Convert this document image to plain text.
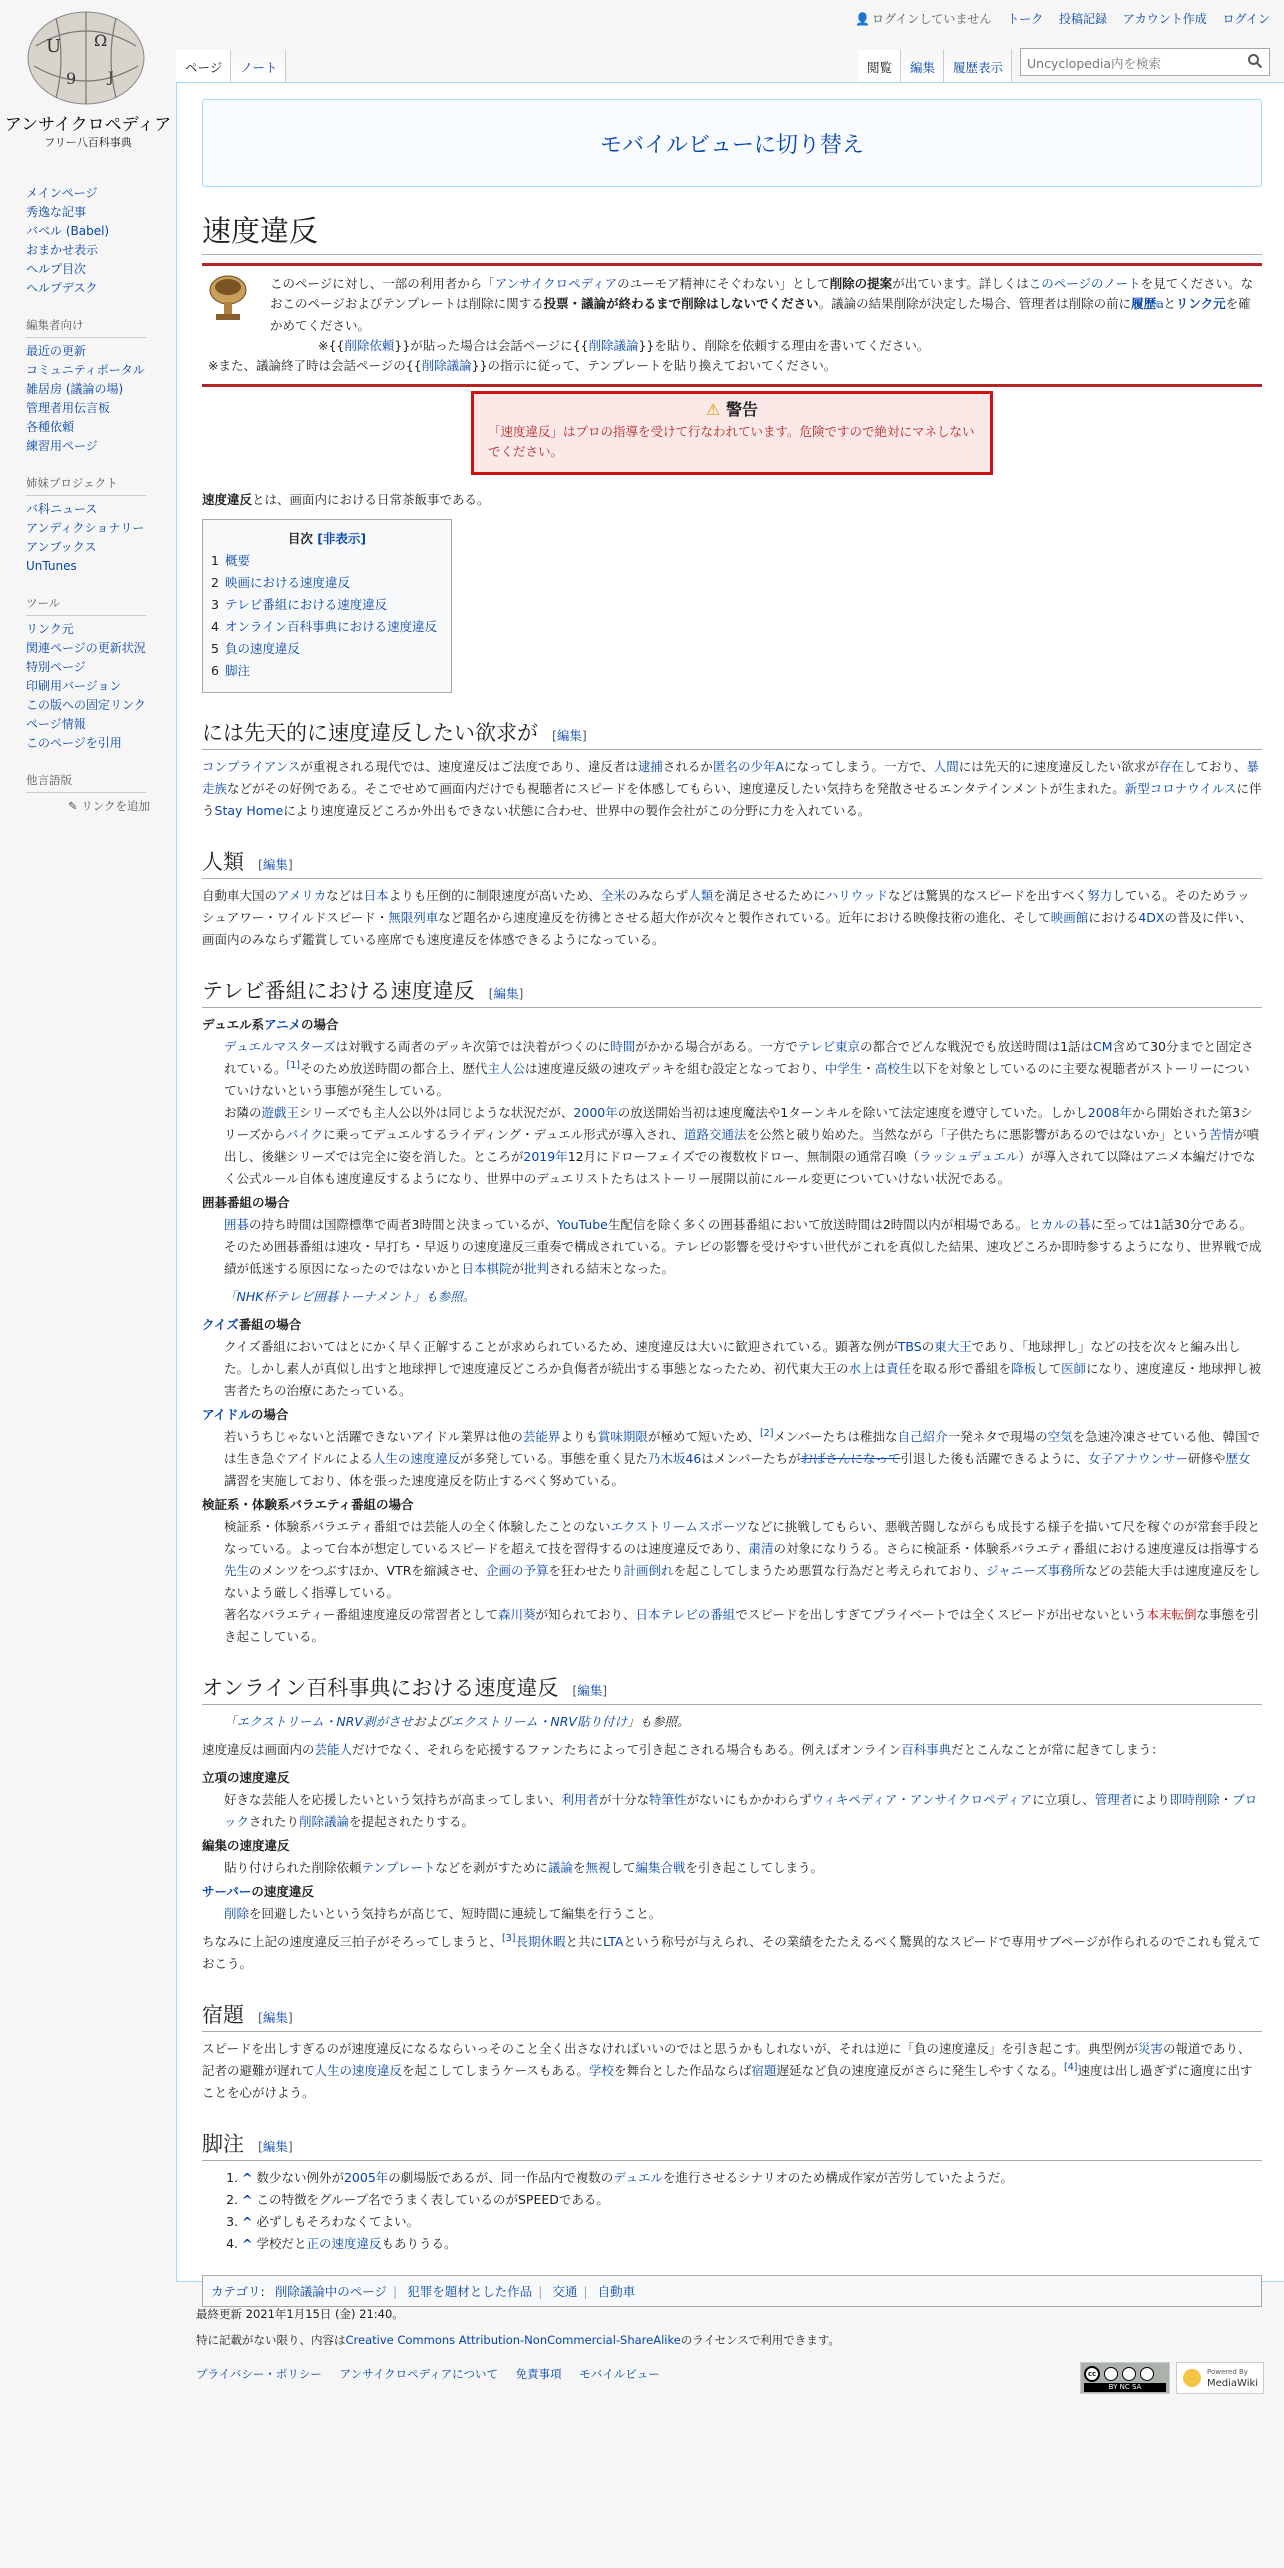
U Ω
9 J
アンサイクロペディア
フリー八百科事典
メインページ
秀逸な記事
バベル (Babel)
おまかせ表示
ヘルプ目次
ヘルプデスク
編集者向け
最近の更新
コミュニティポータル
雑居房 (議論の場)
管理者用伝言板
各種依頼
練習用ページ
姉妹プロジェクト
バ科ニュース
アンディクショナリー
アンブックス
UnTunes
ツール
リンク元
関連ページの更新状況
特別ページ
印刷用バージョン
この版への固定リンク
ページ情報
このページを引用
他言語版
✎ リンクを追加
👤 ログインしていません トーク 投稿記録 アカウント作成 ログイン
ページ	ノート	閲覧	編集	履歴表示	Uncyclopedia内を検索
モバイルビューに切り替え
速度違反
このページに対し、一部の利用者から「アンサイクロペディアのユーモア精神にそぐわない」として削除の提案が出ています。詳しくはこのページのノートを見てください。なおこのページおよびテンプレートは削除に関する投票・議論が終わるまで削除はしないでください。議論の結果削除が決定した場合、管理者は削除の前に履歴⧉とリンク元を確かめてください。
※{{削除依頼}}が貼った場合は会話ページに{{削除議論}}を貼り、削除を依頼する理由を書いてください。
※また、議論終了時は会話ページの{{削除議論}}の指示に従って、テンプレートを貼り換えておいてください。
⚠ 警告
「速度違反」はプロの指導を受けて行なわれています。危険ですので絶対にマネしないでください。

速度違反とは、画面内における日常茶飯事である。

目次 [非表示]
1 概要
2 映画における速度違反
3 テレビ番組における速度違反
4 オンライン百科事典における速度違反
5 負の速度違反
6 脚注
には先天的に速度違反したい欲求が [編集]

コンプライアンスが重視される現代では、速度違反はご法度であり、違反者は逮捕されるか匿名の少年Aになってしまう。一方で、人間には先天的に速度違反したい欲求が存在しており、暴走族などがその好例である。そこでせめて画面内だけでも視聴者にスピードを体感してもらい、速度違反したい気持ちを発散させるエンタテインメントが生まれた。新型コロナウイルスに伴うStay Homeにより速度違反どころか外出もできない状態に合わせ、世界中の製作会社がこの分野に力を入れている。

人類 [編集]

自動車大国のアメリカなどは日本よりも圧倒的に制限速度が高いため、全米のみならず人類を満足させるためにハリウッドなどは驚異的なスピードを出すべく努力している。そのためラッシュアワー・ワイルドスピード・無限列車など題名から速度違反を彷彿とさせる超大作が次々と製作されている。近年における映像技術の進化、そして映画館における4DXの普及に伴い、画面内のみならず鑑賞している座席でも速度違反を体感できるようになっている。

テレビ番組における速度違反 [編集]
デュエル系アニメの場合
デュエルマスターズは対戦する両者のデッキ次第では決着がつくのに時間がかかる場合がある。一方でテレビ東京の都合でどんな戦況でも放送時間は1話はCM含めて30分までと固定されている。[1]そのため放送時間の都合上、歴代主人公は速度違反級の速攻デッキを組む設定となっており、中学生・高校生以下を対象としているのに主要な視聴者がストーリーについていけないという事態が発生している。
お隣の遊戯王シリーズでも主人公以外は同じような状況だが、2000年の放送開始当初は速度魔法や1ターンキルを除いて法定速度を遵守していた。しかし2008年から開始された第3シリーズからバイクに乗ってデュエルするライディング・デュエル形式が導入され、道路交通法を公然と破り始めた。当然ながら「子供たちに悪影響があるのではないか」という苦情が噴出し、後継シリーズでは完全に姿を消した。ところが2019年12月にドローフェイズでの複数枚ドロー、無制限の通常召喚（ラッシュデュエル）が導入されて以降はアニメ本編だけでなく公式ルール自体も速度違反するようになり、世界中のデュエリストたちはストーリー展開以前にルール変更についていけない状況である。
囲碁番組の場合
囲碁の持ち時間は国際標準で両者3時間と決まっているが、YouTube生配信を除く多くの囲碁番組において放送時間は2時間以内が相場である。ヒカルの碁に至っては1話30分である。そのため囲碁番組は速攻・早打ち・早返りの速度違反三重奏で構成されている。テレビの影響を受けやすい世代がこれを真似した結果、速攻どころか即時参するようになり、世界戦で成績が低迷する原因になったのではないかと日本棋院が批判される結末となった。
「NHK杯テレビ囲碁トーナメント」も参照。
クイズ番組の場合
クイズ番組においてはとにかく早く正解することが求められているため、速度違反は大いに歓迎されている。顕著な例がTBSの東大王であり、「地球押し」などの技を次々と編み出した。しかし素人が真似し出すと地球押しで速度違反どころか負傷者が続出する事態となったため、初代東大王の水上は責任を取る形で番組を降板して医師になり、速度違反・地球押し被害者たちの治療にあたっている。
アイドルの場合
若いうちじゃないと活躍できないアイドル業界は他の芸能界よりも賞味期限が極めて短いため、[2]メンバーたちは稚拙な自己紹介一発ネタで現場の空気を急速冷凍させている他、韓国では生き急ぐアイドルによる人生の速度違反が多発している。事態を重く見た乃木坂46はメンバーたちがおばさんになって引退した後も活躍できるように、女子アナウンサー研修や歴女講習を実施しており、体を張った速度違反を防止するべく努めている。
検証系・体験系バラエティ番組の場合
検証系・体験系バラエティ番組では芸能人の全く体験したことのないエクストリームスポーツなどに挑戦してもらい、悪戦苦闘しながらも成長する様子を描いて尺を稼ぐのが常套手段となっている。よって台本が想定しているスピードを超えて技を習得するのは速度違反であり、粛清の対象になりうる。さらに検証系・体験系バラエティ番組における速度違反は指導する先生のメンツをつぶすほか、VTRを縮減させ、企画の予算を狂わせたり計画倒れを起こしてしまうため悪質な行為だと考えられており、ジャニーズ事務所などの芸能大手は速度違反をしないよう厳しく指導している。
著名なバラエティー番組速度違反の常習者として森川葵が知られており、日本テレビの番組でスピードを出しすぎてプライベートでは全くスピードが出せないという本末転倒な事態を引き起こしている。
オンライン百科事典における速度違反 [編集]
「エクストリーム・NRV剥がさせおよびエクストリーム・NRV貼り付け」も参照。

速度違反は画面内の芸能人だけでなく、それらを応援するファンたちによって引き起こされる場合もある。例えばオンライン百科事典だとこんなことが常に起きてしまう：

立項の速度違反
好きな芸能人を応援したいという気持ちが高まってしまい、利用者が十分な特筆性がないにもかかわらずウィキペディア・アンサイクロペディアに立項し、管理者により即時削除・ブロックされたり削除議論を提起されたりする。
編集の速度違反
貼り付けられた削除依頼テンプレートなどを剥がすために議論を無視して編集合戦を引き起こしてしまう。
サーバーの速度違反
削除を回避したいという気持ちが高じて、短時間に連続して編集を行うこと。

ちなみに上記の速度違反三拍子がそろってしまうと、[3]長期休暇と共にLTAという称号が与えられ、その業績をたたえるべく驚異的なスピードで専用サブページが作られるのでこれも覚えておこう。

宿題 [編集]

スピードを出しすぎるのが速度違反になるならいっそのこと全く出さなければいいのではと思うかもしれないが、それは逆に「負の速度違反」を引き起こす。典型例が災害の報道であり、記者の避難が遅れて人生の速度違反を起こしてしまうケースもある。学校を舞台とした作品ならば宿題遅延など負の速度違反がさらに発生しやすくなる。[4]速度は出し過ぎずに適度に出すことを心がけよう。

脚注 [編集]
1. ^ 数少ない例外が2005年の劇場版であるが、同一作品内で複数のデュエルを進行させるシナリオのため構成作家が苦労していたようだ。
2. ^ この特徴をグループ名でうまく表しているのがSPEEDである。
3. ^ 必ずしもそろわなくてよい。
4. ^ 学校だと正の速度違反もありうる。
カテゴリ: 削除議論中のページ | 犯罪を題材とした作品 | 交通 | 自動車
最終更新 2021年1月15日 (金) 21:40。
特に記載がない限り、内容はCreative Commons Attribution-NonCommercial-ShareAlikeのライセンスで利用できます。
プライバシー・ポリシー アンサイクロペディアについて 免責事項 モバイルビュー	cc
BY NC SA
Powered By
MediaWiki
